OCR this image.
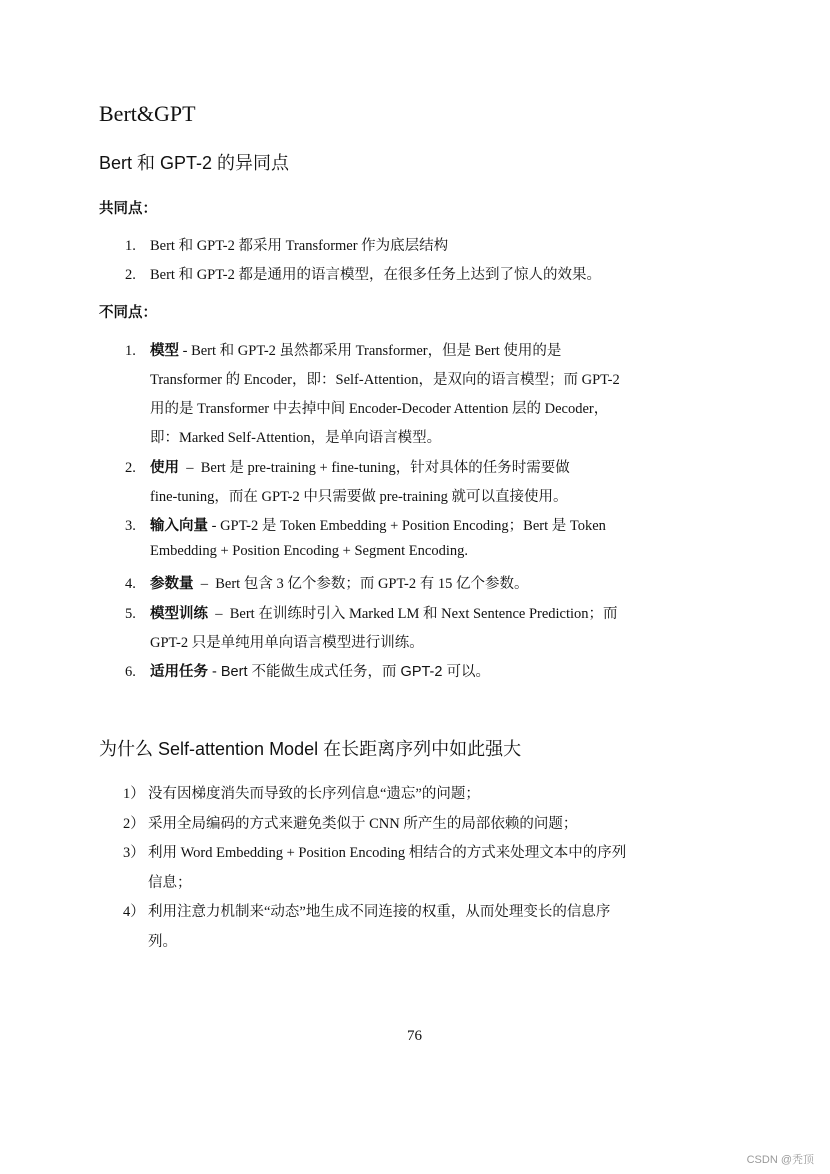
Bert&GPT
Bert 和 GPT-2 的异同点
共同点：
1. Bert 和 GPT-2 都采用 Transformer 作为底层结构
2. Bert 和 GPT-2 都是通用的语言模型，在很多任务上达到了惊人的效果。
不同点：
1. 模型 - Bert 和 GPT-2 虽然都采用 Transformer，但是 Bert 使用的是
Transformer 的 Encoder，即：Self-Attention，是双向的语言模型；而 GPT-2
用的是 Transformer 中去掉中间 Encoder-Decoder Attention 层的 Decoder，
即：Marked Self-Attention，是单向语言模型。
2. 使用  –  Bert 是 pre-training + fine-tuning，针对具体的任务时需要做
fine-tuning，而在 GPT-2 中只需要做 pre-training 就可以直接使用。
3. 输入向量 - GPT-2 是 Token Embedding + Position Encoding；Bert 是 Token
Embedding + Position Encoding + Segment Encoding.
4. 参数量  –  Bert 包含 3 亿个参数；而 GPT-2 有 15 亿个参数。
5. 模型训练  –  Bert 在训练时引入 Marked LM 和 Next Sentence Prediction；而
GPT-2 只是单纯用单向语言模型进行训练。
6. 适用任务 - Bert 不能做生成式任务，而 GPT-2 可以。
为什么 Self-attention Model 在长距离序列中如此强大
1） 没有因梯度消失而导致的长序列信息“遗忘”的问题；
2） 采用全局编码的方式来避免类似于 CNN 所产生的局部依赖的问题；
3） 利用 Word Embedding + Position Encoding 相结合的方式来处理文本中的序列
信息；
4） 利用注意力机制来“动态”地生成不同连接的权重，从而处理变长的信息序
列。
76
CSDN @秃顶
